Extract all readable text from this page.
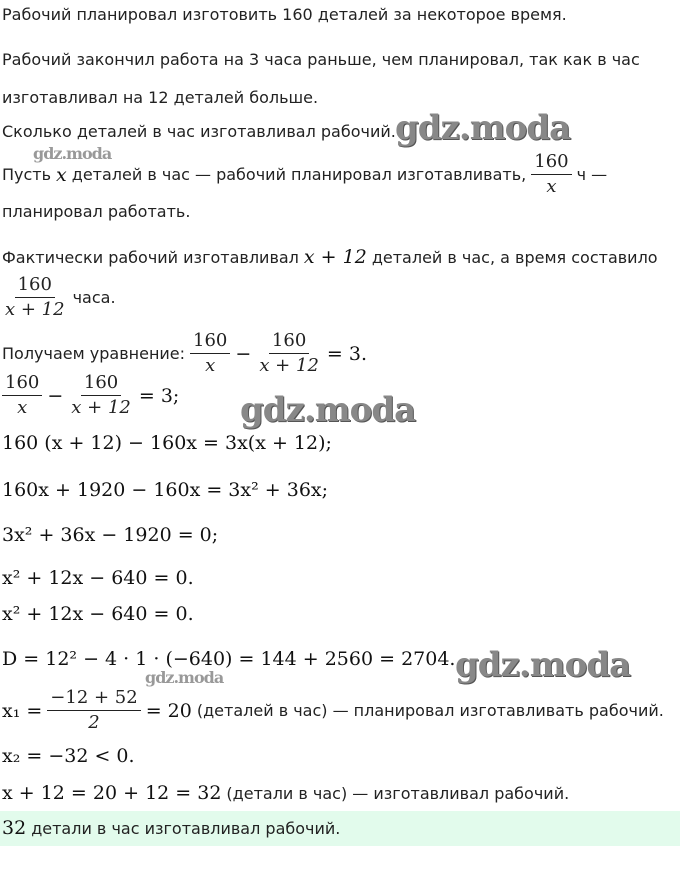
Рабочий планировал изготовить 160 деталей за некоторое время.
Рабочий закончил работа на 3 часа раньше, чем планировал, так как в час
изготавливал на 12 деталей больше.
Сколько деталей в час изготавливал рабочий. gdz.moda
gdz.moda
Пусть x деталей в час — рабочий планировал изготавливать, $\frac{160}{x}$ ч —
планировал работать.
Фактически рабочий изготавливал x + 12 деталей в час, а время составило
$\frac{160}{x + 12}$ часа.
Получаем уравнение: $\frac{160}{x} - \frac{160}{x + 12} = 3$.
$\frac{160}{x} - \frac{160}{x + 12} = 3$; gdz.moda
160 (x + 12) − 160x = 3x(x + 12);
160x + 1920 − 160x = 3x² + 36x;
3x² + 36x − 1920 = 0;
x² + 12x − 640 = 0.
x² + 12x − 640 = 0.
D = 12² − 4 · 1 · (−640) = 144 + 2560 = 2704. gdz.moda
gdz.moda
$x_1 = \frac{-12 + 52}{2} = 20$ (деталей в час) — планировал изготавливать рабочий.
x₂ = −32 < 0.
x + 12 = 20 + 12 = 32 (детали в час) — изготавливал рабочий.
32 детали в час изготавливал рабочий.
